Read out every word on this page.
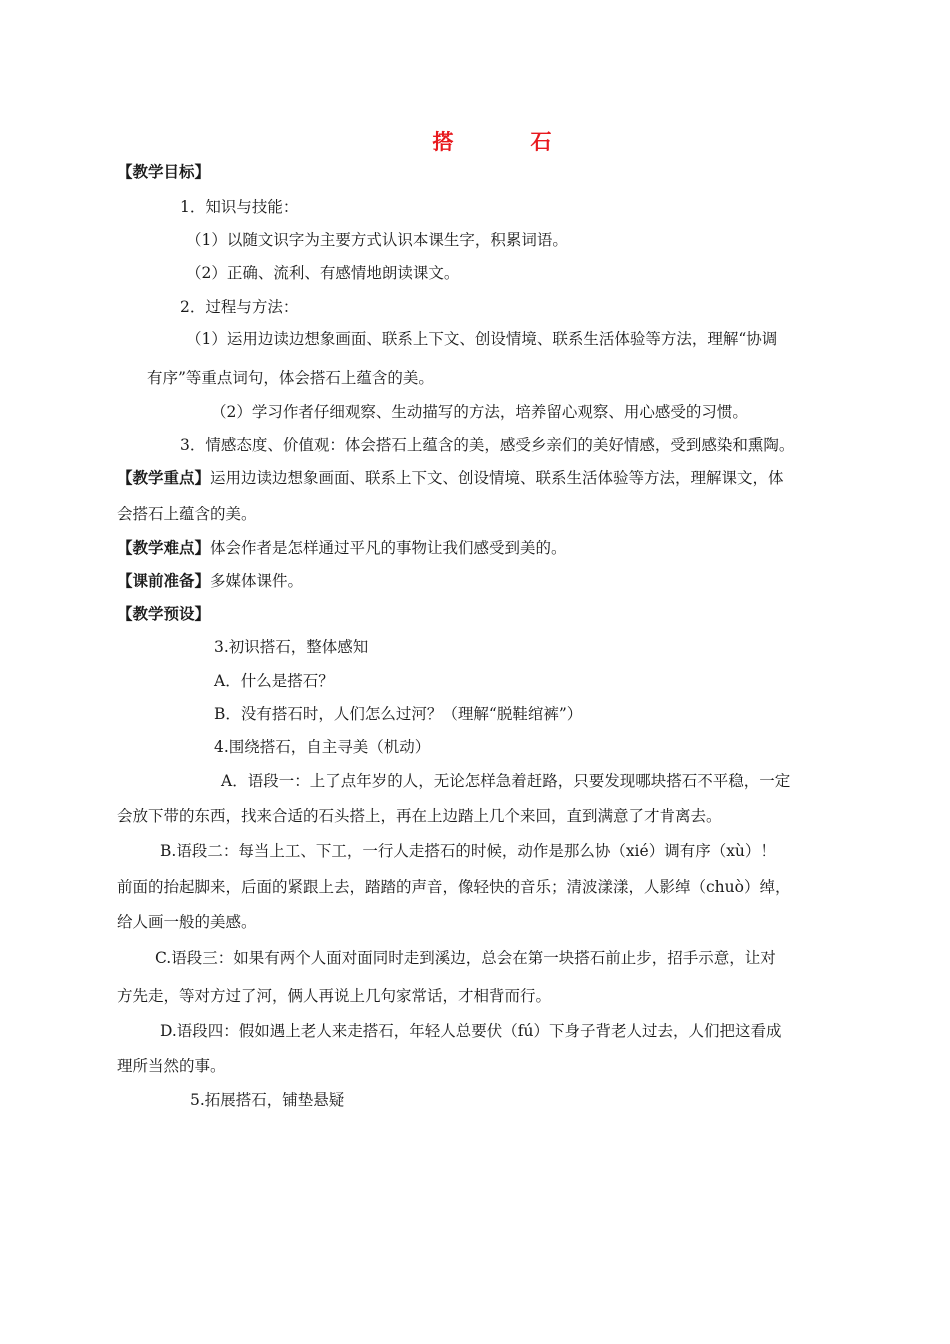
搭　石
【教学目标】
1．知识与技能：
（1）以随文识字为主要方式认识本课生字，积累词语。
（2）正确、流利、有感情地朗读课文。
2．过程与方法：
（1）运用边读边想象画面、联系上下文、创设情境、联系生活体验等方法，理解“协调
有序”等重点词句，体会搭石上蕴含的美。
（2）学习作者仔细观察、生动描写的方法，培养留心观察、用心感受的习惯。
3．情感态度、价值观：体会搭石上蕴含的美，感受乡亲们的美好情感，受到感染和熏陶。
【教学重点】运用边读边想象画面、联系上下文、创设情境、联系生活体验等方法，理解课文，体
会搭石上蕴含的美。
【教学难点】体会作者是怎样通过平凡的事物让我们感受到美的。
【课前准备】多媒体课件。
【教学预设】
3.初识搭石，整体感知
A．什么是搭石？
B．没有搭石时，人们怎么过河？（理解“脱鞋绾裤”）
4.围绕搭石，自主寻美（机动）
A．语段一：上了点年岁的人，无论怎样急着赶路，只要发现哪块搭石不平稳，一定
会放下带的东西，找来合适的石头搭上，再在上边踏上几个来回，直到满意了才肯离去。
B.语段二：每当上工、下工，一行人走搭石的时候，动作是那么协（xié）调有序（xù）！
前面的抬起脚来，后面的紧跟上去，踏踏的声音，像轻快的音乐；清波漾漾，人影绰（chuò）绰，
给人画一般的美感。
C.语段三：如果有两个人面对面同时走到溪边，总会在第一块搭石前止步，招手示意，让对
方先走，等对方过了河，俩人再说上几句家常话，才相背而行。
D.语段四：假如遇上老人来走搭石，年轻人总要伏（fú）下身子背老人过去，人们把这看成
理所当然的事。
5.拓展搭石，铺垫悬疑
